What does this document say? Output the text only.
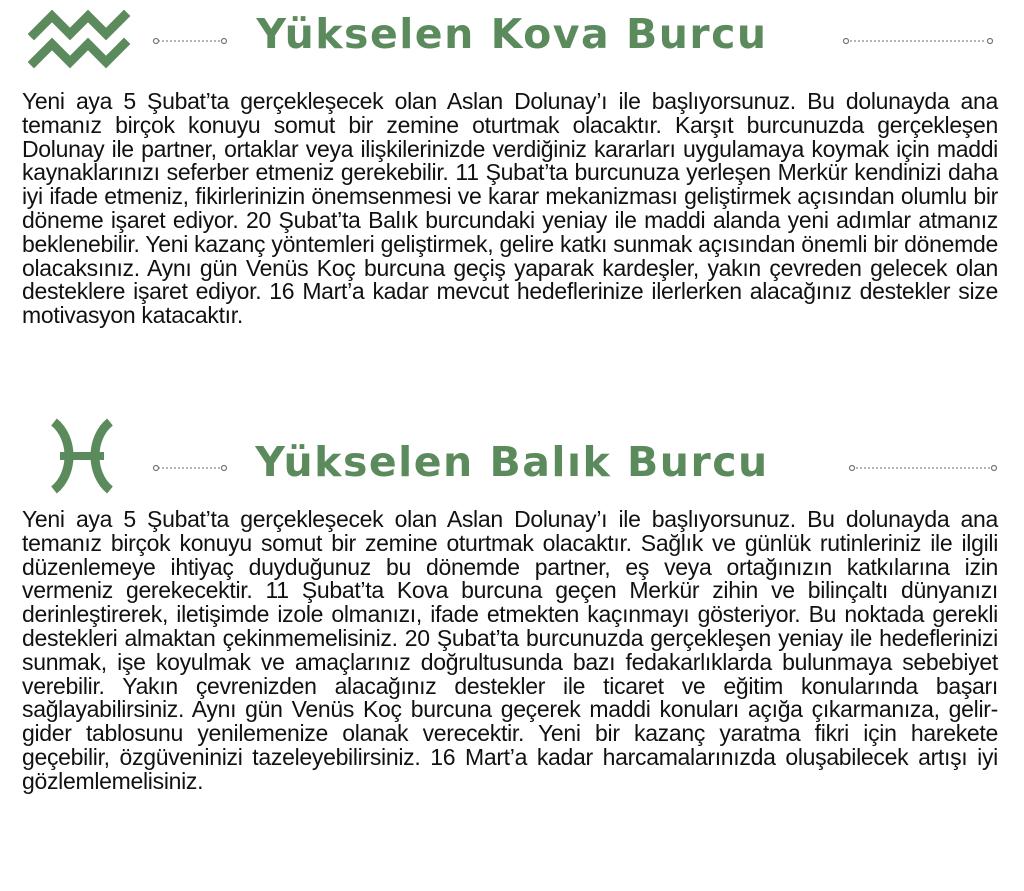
Yükselen Kova Burcu

Yeni aya 5 Şubat’ta gerçekleşecek olan Aslan Dolunay’ı ile başlıyorsunuz. Bu dolunayda ana temanız birçok konuyu somut bir zemine oturtmak olacaktır. Karşıt burcunuzda gerçekleşen Dolunay ile partner, ortaklar veya ilişkilerinizde verdiğiniz kararları uygulamaya koymak için maddi kaynaklarınızı seferber etmeniz gerekebilir. 11 Şubat’ta burcunuza yerleşen Merkür kendinizi daha iyi ifade etmeniz, fikirlerinizin önemsenmesi ve karar mekanizması geliştirmek açısından olumlu bir döneme işaret ediyor. 20 Şubat’ta Balık burcundaki yeniay ile maddi alanda yeni adımlar atmanız beklenebilir. Yeni kazanç yöntemleri geliştirmek, gelire katkı sunmak açısından önemli bir dönemde olacaksınız. Aynı gün Venüs Koç burcuna geçiş yaparak kardeşler, yakın çevreden gelecek olan desteklere işaret ediyor. 16 Mart’a kadar mevcut hedeflerinize ilerlerken alacağınız destekler size motivasyon katacaktır.

Yükselen Balık Burcu

Yeni aya 5 Şubat’ta gerçekleşecek olan Aslan Dolunay’ı ile başlıyorsunuz. Bu dolunayda ana temanız birçok konuyu somut bir zemine oturtmak olacaktır. Sağlık ve günlük rutinleriniz ile ilgili düzenlemeye ihtiyaç duyduğunuz bu dönemde partner, eş veya ortağınızın katkılarına izin vermeniz gerekecektir. 11 Şubat’ta Kova burcuna geçen Merkür zihin ve bilinçaltı dünyanızı derinleştirerek, iletişimde izole olmanızı, ifade etmekten kaçınmayı gösteriyor. Bu noktada gerekli destekleri almaktan çekinmemelisiniz. 20 Şubat’ta burcunuzda gerçekleşen yeniay ile hedeflerinizi sunmak, işe koyulmak ve amaçlarınız doğrultusunda bazı fedakarlıklarda bulunmaya sebebiyet verebilir. Yakın çevrenizden alacağınız destekler ile ticaret ve eğitim konularında başarı sağlayabilirsiniz. Aynı gün Venüs Koç burcuna geçerek maddi konuları açığa çıkarmanıza, gelir-gider tablosunu yenilemenize olanak verecektir. Yeni bir kazanç yaratma fikri için harekete geçebilir, özgüveninizi tazeleyebilirsiniz. 16 Mart’a kadar harcamalarınızda oluşabilecek artışı iyi gözlemlemelisiniz.
